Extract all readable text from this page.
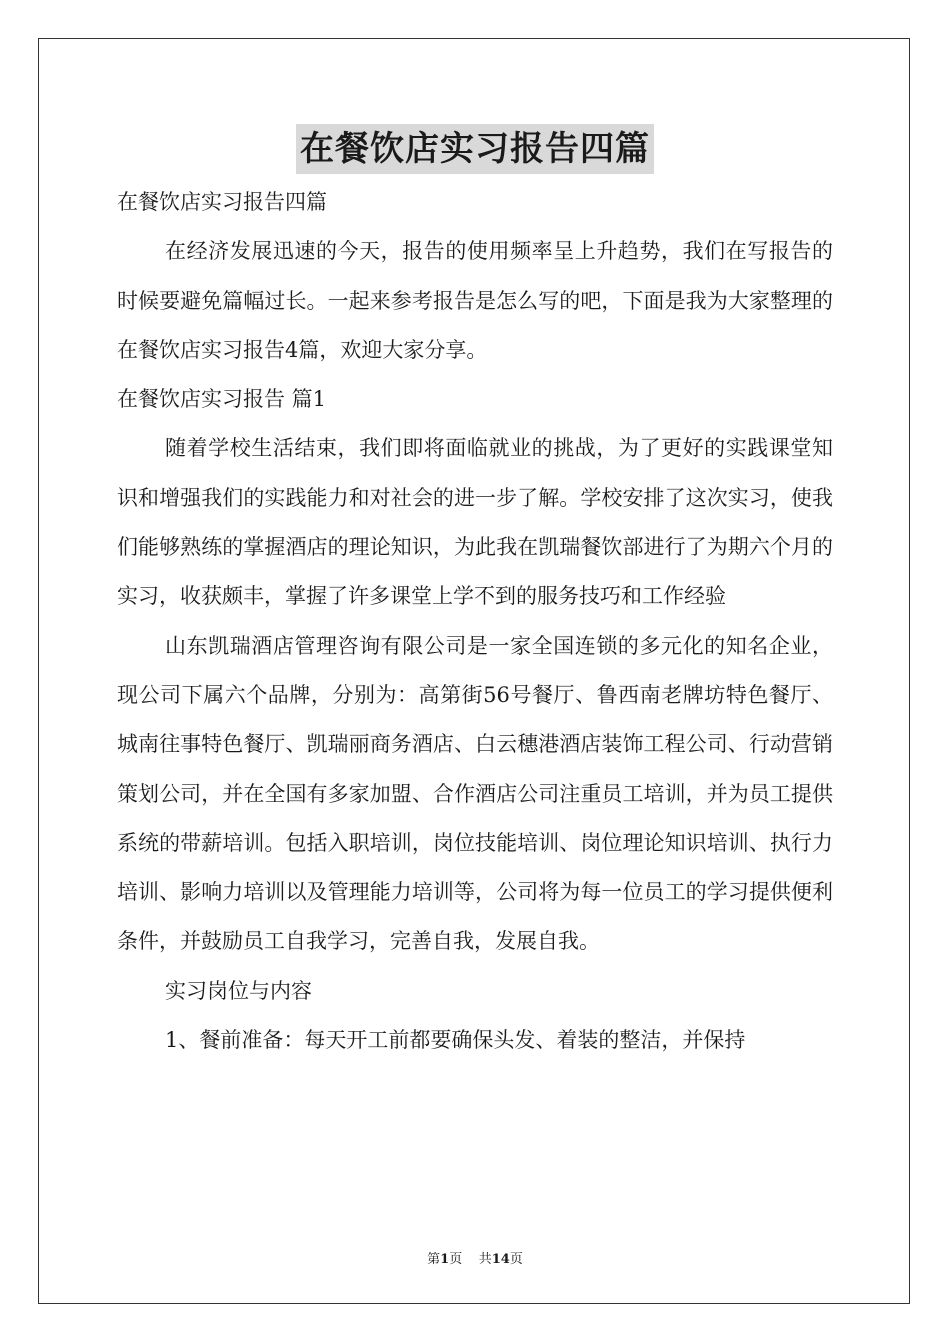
在餐饮店实习报告四篇

在餐饮店实习报告四篇

在经济发展迅速的今天，报告的使用频率呈上升趋势，我们在写报告的时候要避免篇幅过长。一起来参考报告是怎么写的吧，下面是我为大家整理的在餐饮店实习报告4篇，欢迎大家分享。

在餐饮店实习报告 篇1

随着学校生活结束，我们即将面临就业的挑战，为了更好的实践课堂知识和增强我们的实践能力和对社会的进一步了解。学校安排了这次实习，使我们能够熟练的掌握酒店的理论知识，为此我在凯瑞餐饮部进行了为期六个月的实习，收获颇丰，掌握了许多课堂上学不到的服务技巧和工作经验

山东凯瑞酒店管理咨询有限公司是一家全国连锁的多元化的知名企业，现公司下属六个品牌，分别为：高第街56号餐厅、鲁西南老牌坊特色餐厅、城南往事特色餐厅、凯瑞丽商务酒店、白云穗港酒店装饰工程公司、行动营销策划公司，并在全国有多家加盟、合作酒店公司注重员工培训，并为员工提供系统的带薪培训。包括入职培训，岗位技能培训、岗位理论知识培训、执行力培训、影响力培训以及管理能力培训等，公司将为每一位员工的学习提供便利条件，并鼓励员工自我学习，完善自我，发展自我。

实习岗位与内容

1、餐前准备：每天开工前都要确保头发、着装的整洁，并保持

第1页 共14页
